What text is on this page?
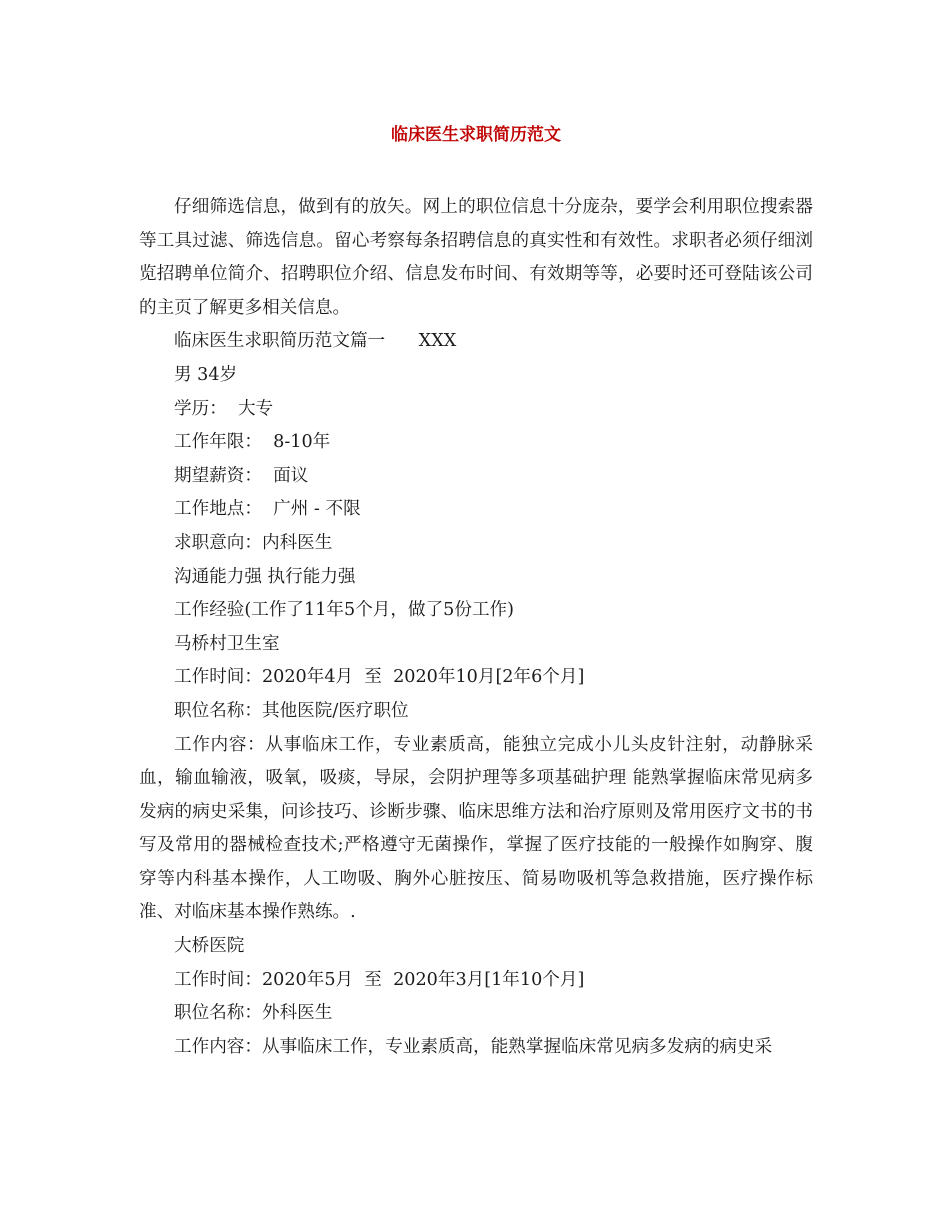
临床医生求职简历范文

仔细筛选信息，做到有的放矢。网上的职位信息十分庞杂，要学会利用职位搜索器等工具过滤、筛选信息。留心考察每条招聘信息的真实性和有效性。求职者必须仔细浏览招聘单位简介、招聘职位介绍、信息发布时间、有效期等等，必要时还可登陆该公司的主页了解更多相关信息。

临床医生求职简历范文篇一      XXX

男 34岁

学历：  大专

工作年限：  8-10年

期望薪资：  面议

工作地点：  广州 - 不限

求职意向：内科医生

沟通能力强 执行能力强

工作经验(工作了11年5个月，做了5份工作)

马桥村卫生室

工作时间：2020年4月  至  2020年10月[2年6个月]

职位名称：其他医院/医疗职位

工作内容：从事临床工作，专业素质高，能独立完成小儿头皮针注射，动静脉采血，输血输液，吸氧，吸痰，导尿，会阴护理等多项基础护理 能熟掌握临床常见病多发病的病史采集，问诊技巧、诊断步骤、临床思维方法和治疗原则及常用医疗文书的书写及常用的器械检查技术;严格遵守无菌操作，掌握了医疗技能的一般操作如胸穿、腹穿等内科基本操作，人工吻吸、胸外心脏按压、简易吻吸机等急救措施，医疗操作标准、对临床基本操作熟练。.

大桥医院

工作时间：2020年5月  至  2020年3月[1年10个月]

职位名称：外科医生

工作内容：从事临床工作，专业素质高，能熟掌握临床常见病多发病的病史采
